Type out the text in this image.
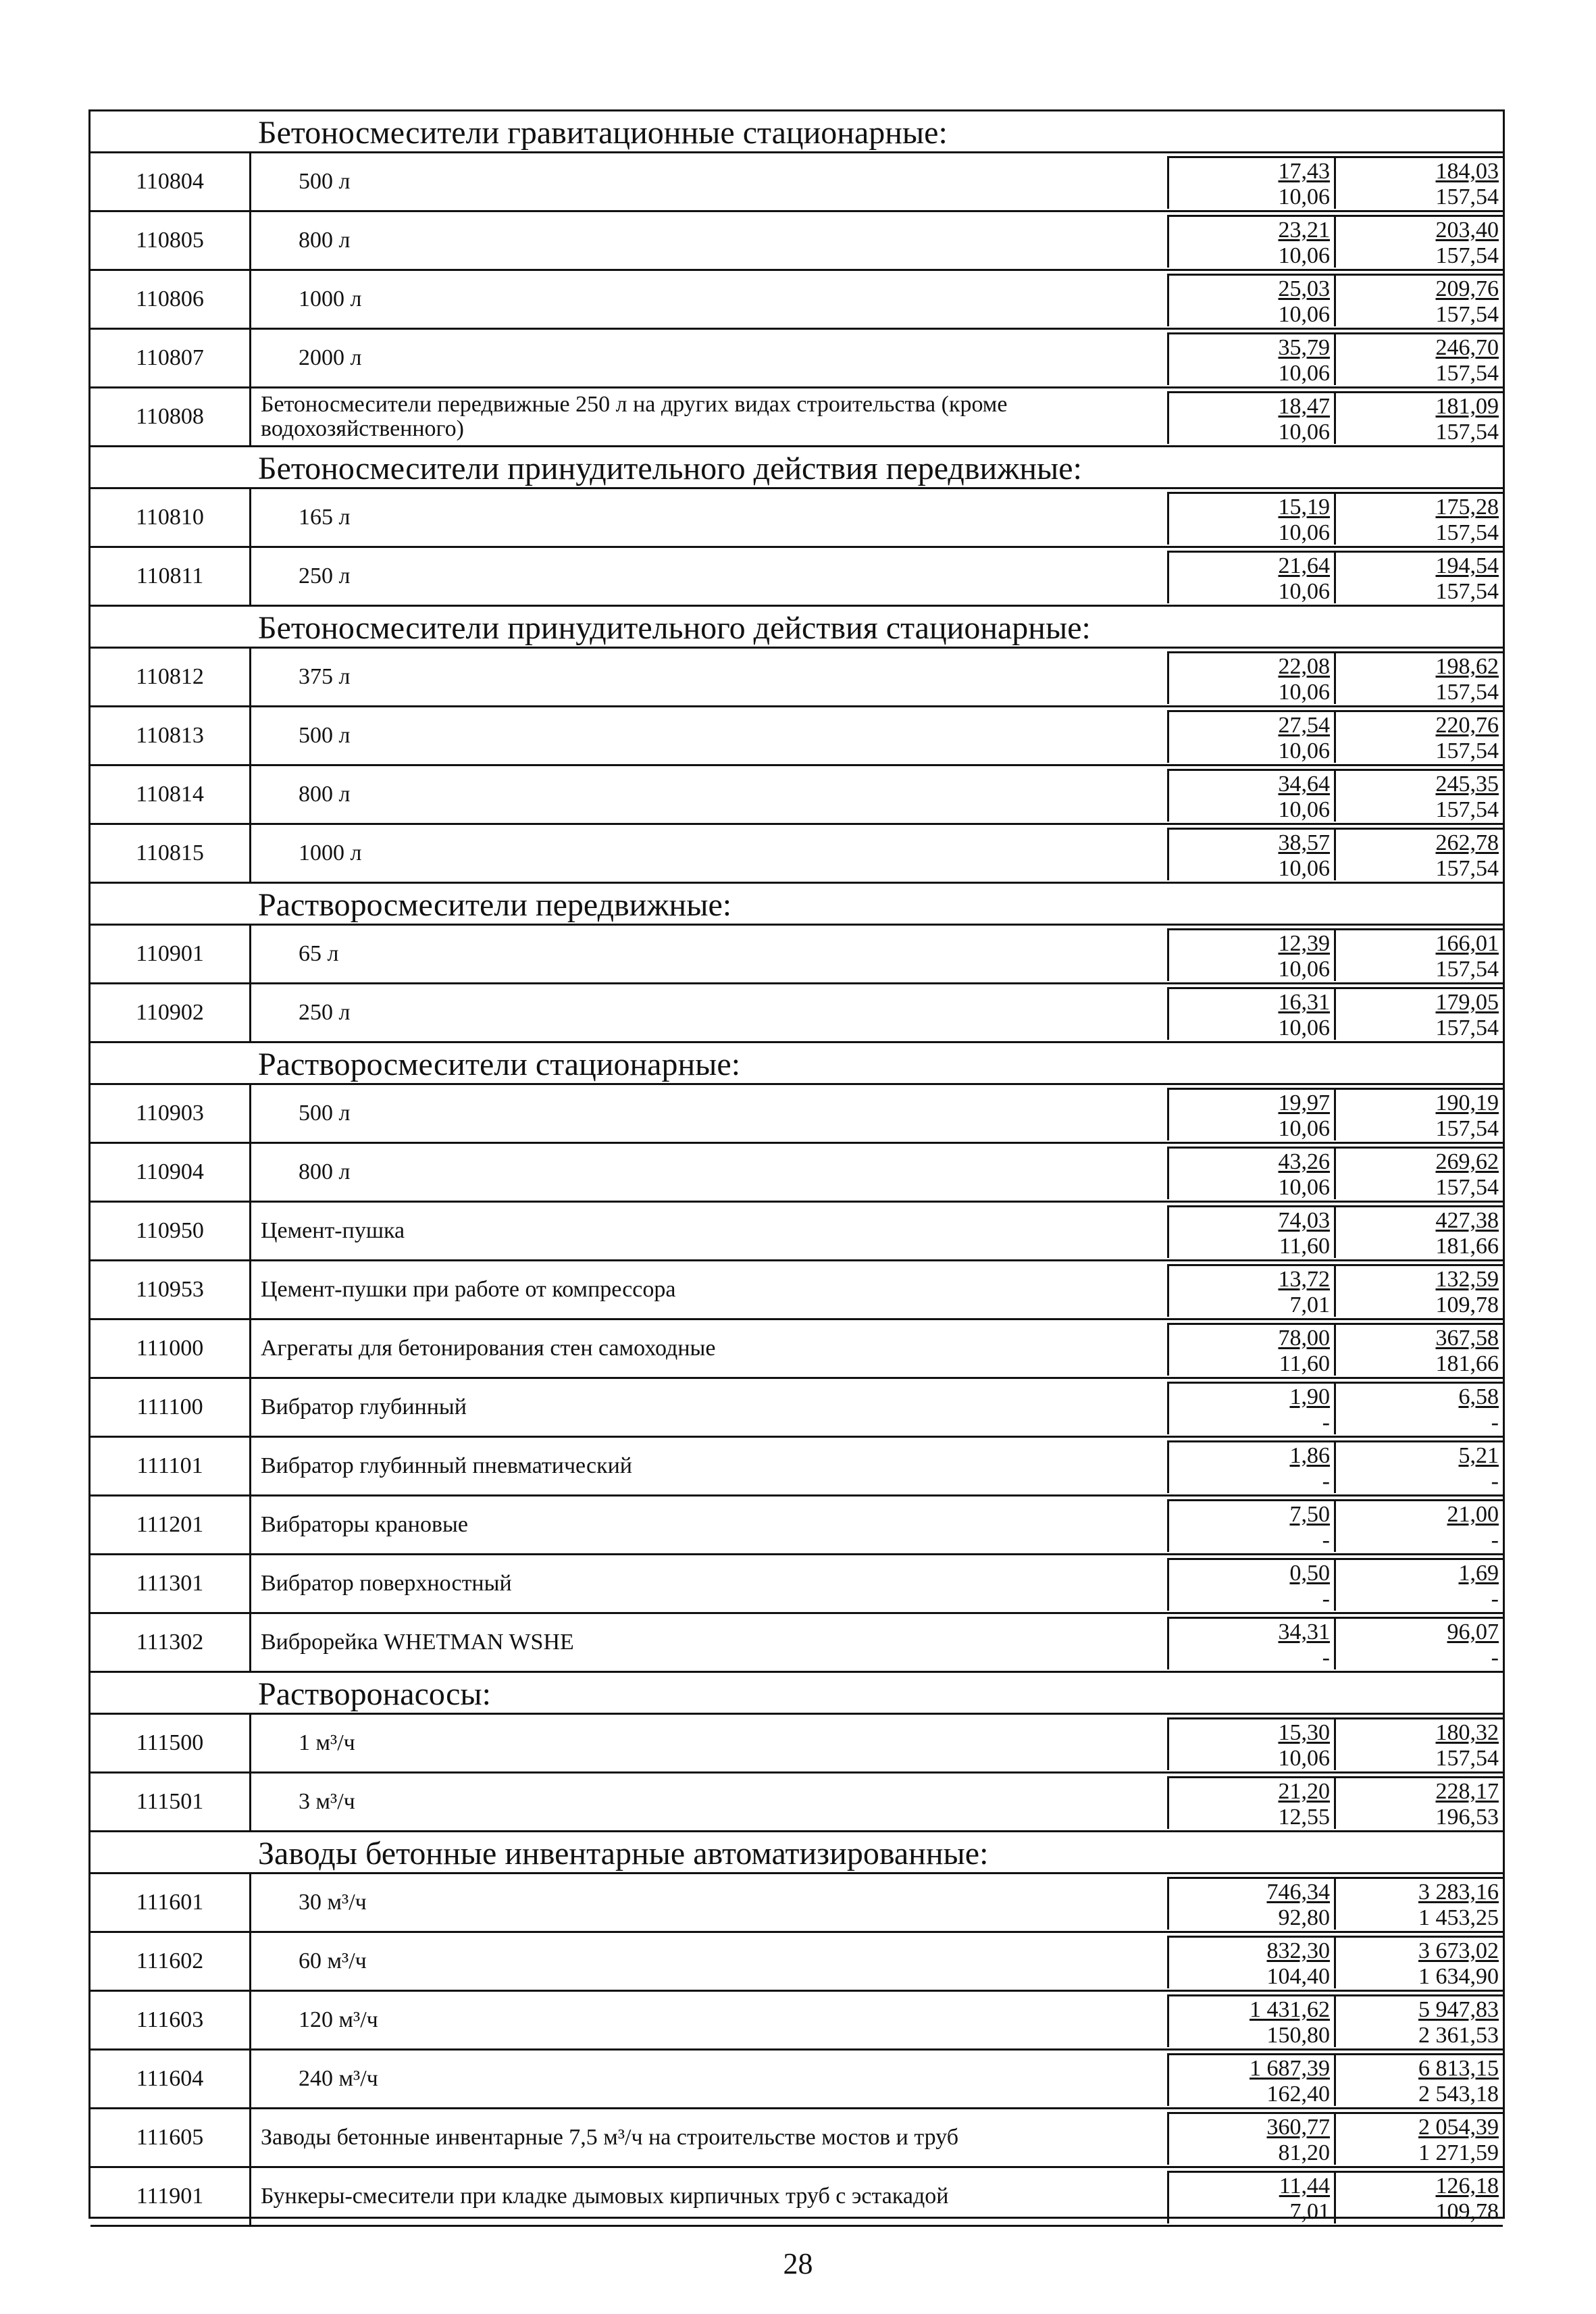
Бетоносмесители гравитационные стационарные:
110804	500 л	17,43	184,03
10,06	157,54
110805	800 л	23,21	203,40
10,06	157,54
110806	1000 л	25,03	209,76
10,06	157,54
110807	2000 л	35,79	246,70
10,06	157,54
110808	Бетоносмесители передвижные 250 л на других видах строительства (кроме водохозяйственного)
18,47	181,09
10,06	157,54
Бетоносмесители принудительного действия передвижные:
110810	165 л	15,19	175,28
10,06	157,54
110811	250 л	21,64	194,54
10,06	157,54
Бетоносмесители принудительного действия стационарные:
110812	375 л	22,08	198,62
10,06	157,54
110813	500 л	27,54	220,76
10,06	157,54
110814	800 л	34,64	245,35
10,06	157,54
110815	1000 л	38,57	262,78
10,06	157,54
Растворосмесители передвижные:
110901	65 л	12,39	166,01
10,06	157,54
110902	250 л	16,31	179,05
10,06	157,54
Растворосмесители стационарные:
110903	500 л	19,97	190,19
10,06	157,54
110904	800 л	43,26	269,62
10,06	157,54
110950	Цемент-пушка	74,03	427,38
11,60	181,66
110953	Цемент-пушки при работе от компрессора	13,72	132,59
7,01	109,78
111000	Агрегаты для бетонирования стен самоходные	78,00	367,58
11,60	181,66
111100	Вибратор глубинный	1,90	6,58
-	-
111101	Вибратор глубинный пневматический	1,86	5,21
-	-
111201	Вибраторы крановые	7,50	21,00
-	-
111301	Вибратор поверхностный	0,50	1,69
-	-
111302	Виброрейка WHETMAN WSHE	34,31	96,07
-	-
Растворонасосы:
111500	1 м³/ч	15,30	180,32
10,06	157,54
111501	3 м³/ч	21,20	228,17
12,55	196,53
Заводы бетонные инвентарные автоматизированные:
111601	30 м³/ч	746,34	3 283,16
92,80	1 453,25
111602	60 м³/ч	832,30	3 673,02
104,40	1 634,90
111603	120 м³/ч	1 431,62	5 947,83
150,80	2 361,53
111604	240 м³/ч	1 687,39	6 813,15
162,40	2 543,18
111605	Заводы бетонные инвентарные 7,5 м³/ч на строительстве мостов и труб	360,77	2 054,39
81,20	1 271,59
111901	Бункеры-смесители при кладке дымовых кирпичных труб с эстакадой	11,44	126,18
7,01	109,78
28
